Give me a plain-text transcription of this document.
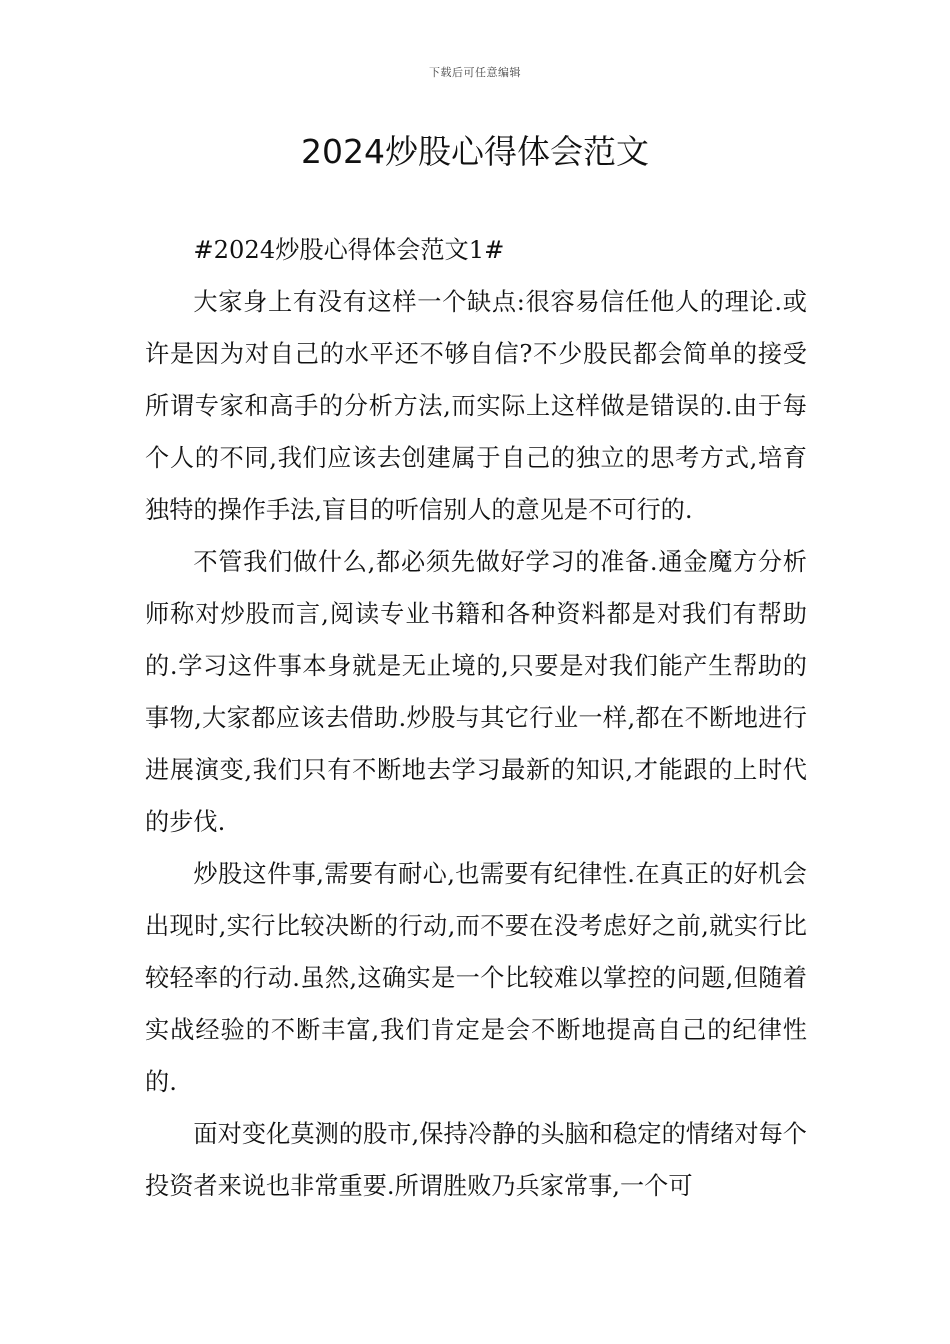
下载后可任意编辑
2024炒股心得体会范文

#2024炒股心得体会范文1#

大家身上有没有这样一个缺点:很容易信任他人的理论.或许是因为对自己的水平还不够自信?不少股民都会简单的接受所谓专家和高手的分析方法,而实际上这样做是错误的.由于每个人的不同,我们应该去创建属于自己的独立的思考方式,培育独特的操作手法,盲目的听信别人的意见是不可行的.

不管我们做什么,都必须先做好学习的准备.通金魔方分析师称对炒股而言,阅读专业书籍和各种资料都是对我们有帮助的.学习这件事本身就是无止境的,只要是对我们能产生帮助的事物,大家都应该去借助.炒股与其它行业一样,都在不断地进行进展演变,我们只有不断地去学习最新的知识,才能跟的上时代的步伐.

炒股这件事,需要有耐心,也需要有纪律性.在真正的好机会出现时,实行比较决断的行动,而不要在没考虑好之前,就实行比较轻率的行动.虽然,这确实是一个比较难以掌控的问题,但随着实战经验的不断丰富,我们肯定是会不断地提高自己的纪律性的.

面对变化莫测的股市,保持冷静的头脑和稳定的情绪对每个投资者来说也非常重要.所谓胜败乃兵家常事,一个可
